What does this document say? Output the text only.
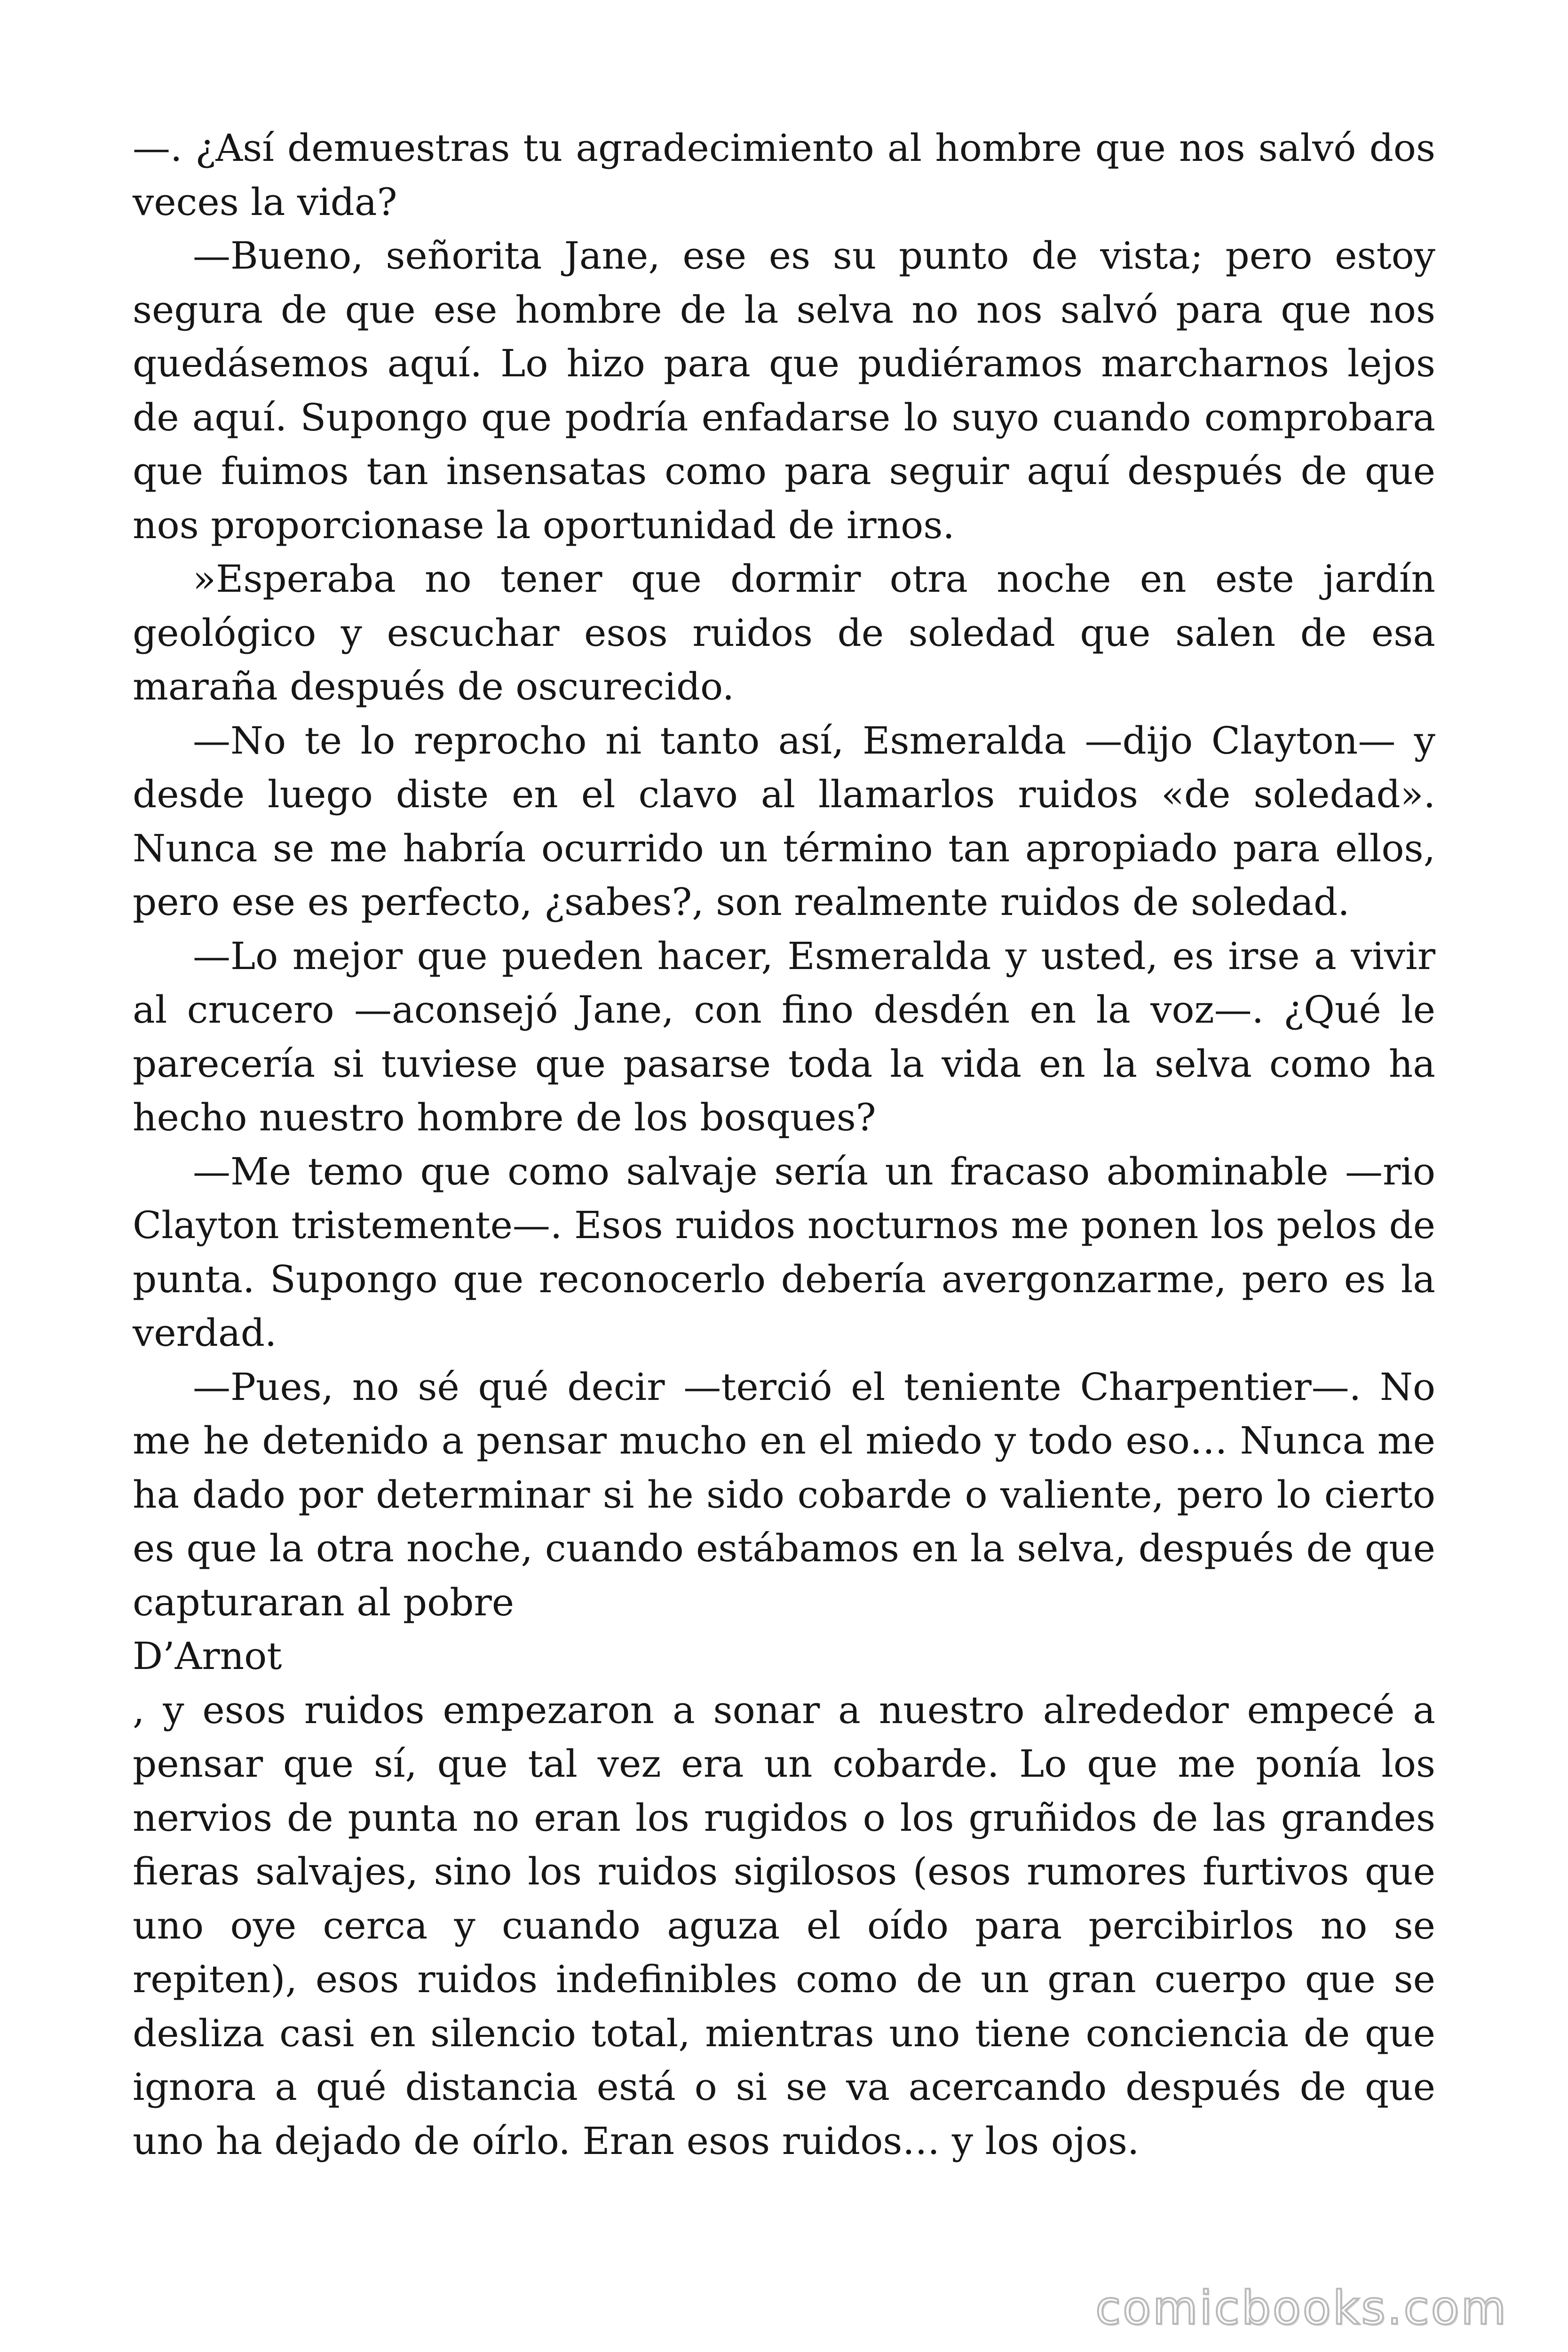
—. ¿Así demuestras tu agradecimiento al hombre que nos salvó dos veces la vida?

—Bueno, señorita Jane, ese es su punto de vista; pero estoy segura de que ese hombre de la selva no nos salvó para que nos quedásemos aquí. Lo hizo para que pudiéramos marcharnos lejos de aquí. Supongo que podría enfadarse lo suyo cuando comprobara que fuimos tan insensatas como para seguir aquí después de que nos proporcionase la oportunidad de irnos.

»Esperaba no tener que dormir otra noche en este jardín geológico y escuchar esos ruidos de soledad que salen de esa maraña después de oscurecido.

—No te lo reprocho ni tanto así, Esmeralda —dijo Clayton— y desde luego diste en el clavo al llamarlos ruidos «de soledad». Nunca se me habría ocurrido un término tan apropiado para ellos, pero ese es perfecto, ¿sabes?, son realmente ruidos de soledad.

—Lo mejor que pueden hacer, Esmeralda y usted, es irse a vivir al crucero —aconsejó Jane, con fino desdén en la voz—. ¿Qué le parecería si tuviese que pasarse toda la vida en la selva como ha hecho nuestro hombre de los bosques?

—Me temo que como salvaje sería un fracaso abominable —rio Clayton tristemente—. Esos ruidos nocturnos me ponen los pelos de punta. Supongo que reconocerlo debería avergonzarme, pero es la verdad.

—Pues, no sé qué decir —terció el teniente Charpentier—. No me he detenido a pensar mucho en el miedo y todo eso… Nunca me ha dado por determinar si he sido cobarde o valiente, pero lo cierto es que la otra noche, cuando estábamos en la selva, después de que capturaran al pobre

D’Arnot

, y esos ruidos empezaron a sonar a nuestro alrededor empecé a pensar que sí, que tal vez era un cobarde. Lo que me ponía los nervios de punta no eran los rugidos o los gruñidos de las grandes fieras salvajes, sino los ruidos sigilosos (esos rumores furtivos que uno oye cerca y cuando aguza el oído para percibirlos no se repiten), esos ruidos indefinibles como de un gran cuerpo que se desliza casi en silencio total, mientras uno tiene conciencia de que ignora a qué distancia está o si se va acercando después de que uno ha dejado de oírlo. Eran esos ruidos… y los ojos.

comicbooks.com
